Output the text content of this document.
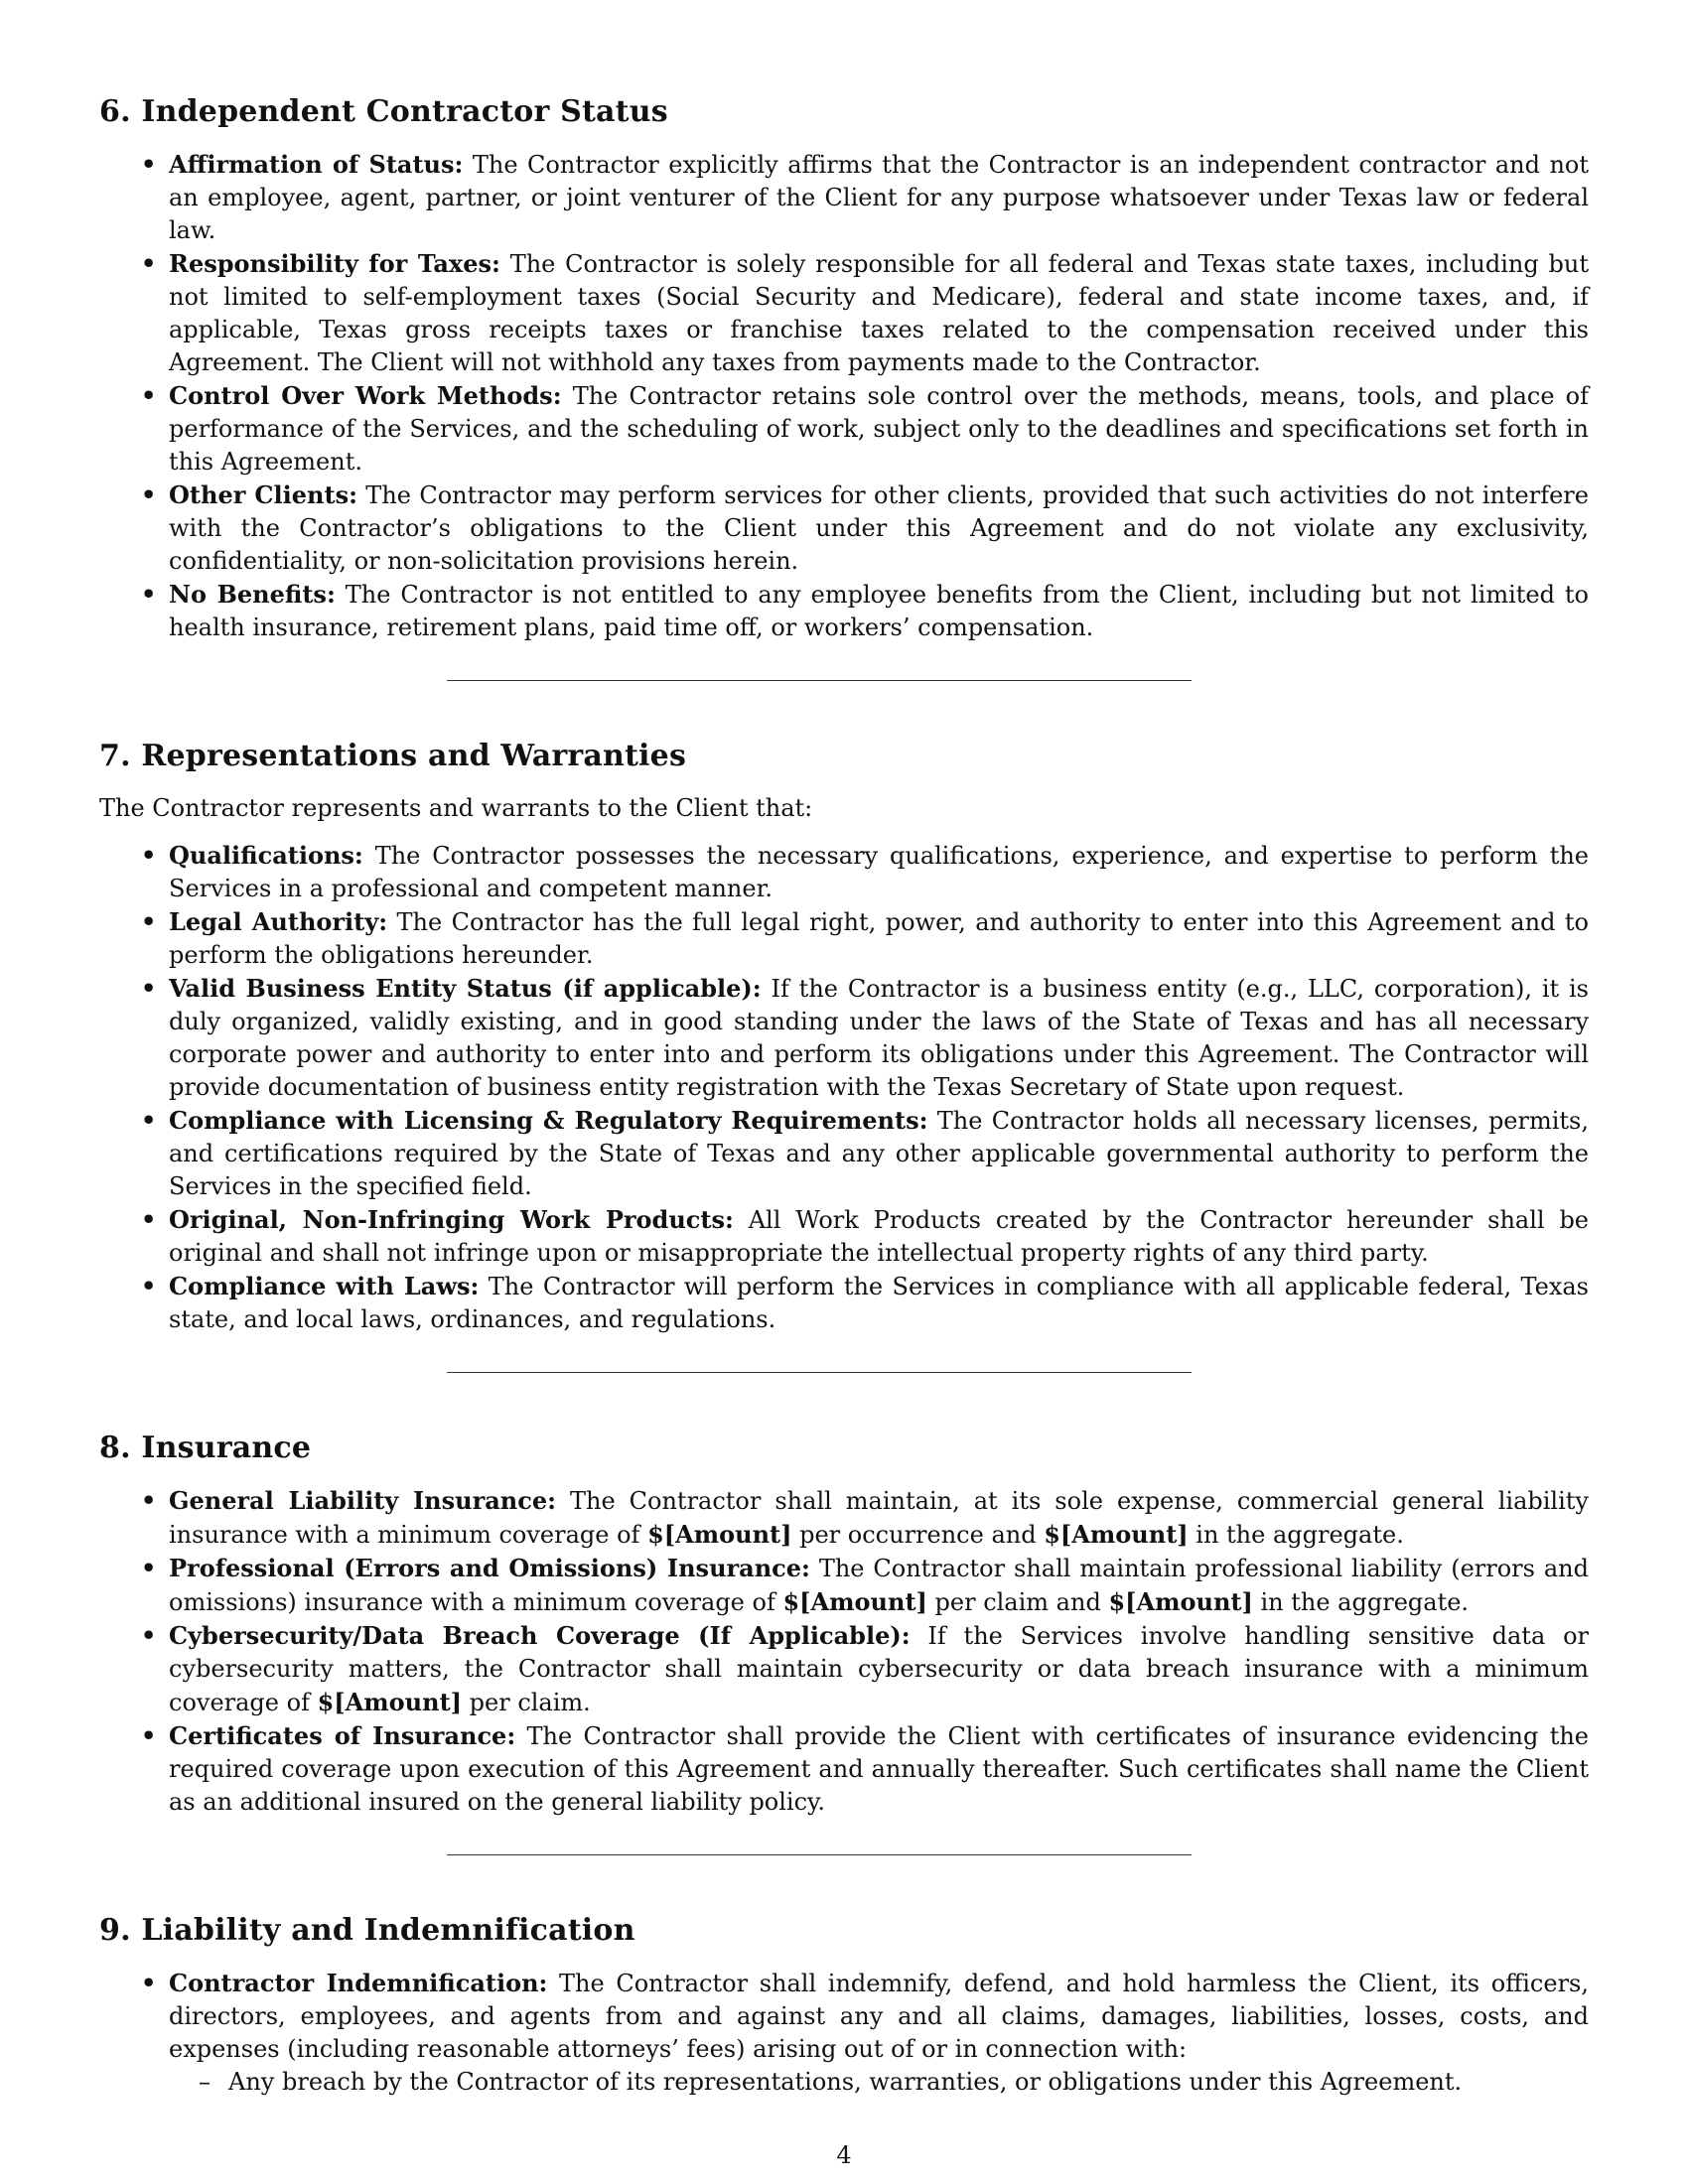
6. Independent Contractor Status
• Affirmation of Status: The Contractor explicitly affirms that the Contractor is an independent contractor and not an employee, agent, partner, or joint venturer of the Client for any purpose whatsoever under Texas law or federal law.
• Responsibility for Taxes: The Contractor is solely responsible for all federal and Texas state taxes, including but not limited to self-employment taxes (Social Security and Medicare), federal and state income taxes, and, if applicable, Texas gross receipts taxes or franchise taxes related to the compensation received under this Agreement. The Client will not withhold any taxes from payments made to the Contractor.
• Control Over Work Methods: The Contractor retains sole control over the methods, means, tools, and place of performance of the Services, and the scheduling of work, subject only to the deadlines and specifications set forth in this Agreement.
• Other Clients: The Contractor may perform services for other clients, provided that such activities do not interfere with the Contractor’s obligations to the Client under this Agreement and do not violate any exclusivity, confidentiality, or non-solicitation provisions herein.
• No Benefits: The Contractor is not entitled to any employee benefits from the Client, including but not limited to health insurance, retirement plans, paid time off, or workers’ compensation.
7. Representations and Warranties

The Contractor represents and warrants to the Client that:

• Qualifications: The Contractor possesses the necessary qualifications, experience, and expertise to perform the Services in a professional and competent manner.
• Legal Authority: The Contractor has the full legal right, power, and authority to enter into this Agreement and to perform the obligations hereunder.
• Valid Business Entity Status (if applicable): If the Contractor is a business entity (e.g., LLC, corporation), it is duly organized, validly existing, and in good standing under the laws of the State of Texas and has all necessary corporate power and authority to enter into and perform its obligations under this Agreement. The Contractor will provide documentation of business entity registration with the Texas Secretary of State upon request.
• Compliance with Licensing & Regulatory Requirements: The Contractor holds all necessary licenses, permits, and certifications required by the State of Texas and any other applicable governmental authority to perform the Services in the specified field.
• Original, Non-Infringing Work Products: All Work Products created by the Contractor hereunder shall be original and shall not infringe upon or misappropriate the intellectual property rights of any third party.
• Compliance with Laws: The Contractor will perform the Services in compliance with all applicable federal, Texas state, and local laws, ordinances, and regulations.
8. Insurance
• General Liability Insurance: The Contractor shall maintain, at its sole expense, commercial general liability insurance with a minimum coverage of $[Amount] per occurrence and $[Amount] in the aggregate.
• Professional (Errors and Omissions) Insurance: The Contractor shall maintain professional liability (errors and omissions) insurance with a minimum coverage of $[Amount] per claim and $[Amount] in the aggregate.
• Cybersecurity/Data Breach Coverage (If Applicable): If the Services involve handling sensitive data or cybersecurity matters, the Contractor shall maintain cybersecurity or data breach insurance with a minimum coverage of $[Amount] per claim.
• Certificates of Insurance: The Contractor shall provide the Client with certificates of insurance evidencing the required coverage upon execution of this Agreement and annually thereafter. Such certificates shall name the Client as an additional insured on the general liability policy.
9. Liability and Indemnification
• Contractor Indemnification: The Contractor shall indemnify, defend, and hold harmless the Client, its officers, directors, employees, and agents from and against any and all claims, damages, liabilities, losses, costs, and expenses (including reasonable attorneys’ fees) arising out of or in connection with:
– Any breach by the Contractor of its representations, warranties, or obligations under this Agreement.
4
